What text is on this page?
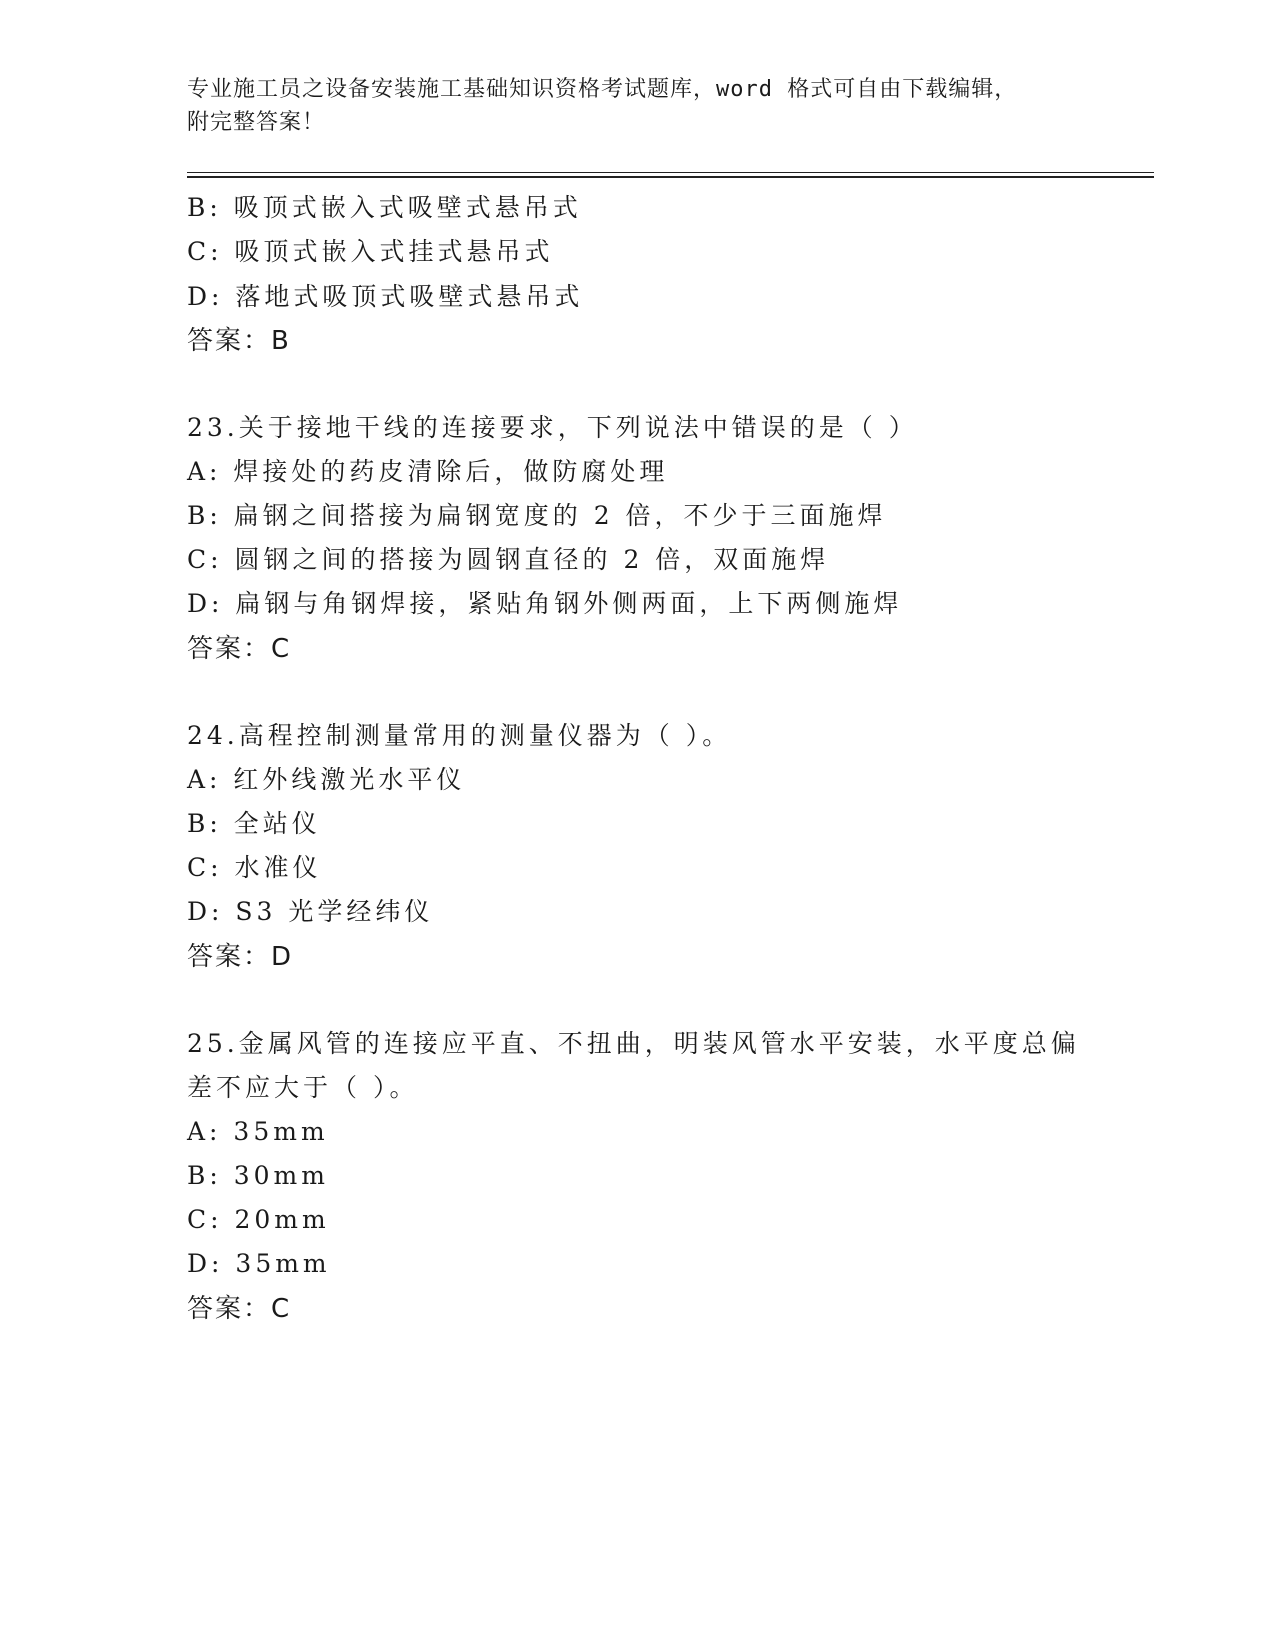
专业施工员之设备安装施工基础知识资格考试题库，word 格式可自由下载编辑，
附完整答案！
B: 吸顶式嵌入式吸壁式悬吊式
C: 吸顶式嵌入式挂式悬吊式
D: 落地式吸顶式吸壁式悬吊式
答案：B
23.关于接地干线的连接要求，下列说法中错误的是（ ）
A: 焊接处的药皮清除后，做防腐处理
B: 扁钢之间搭接为扁钢宽度的 2 倍，不少于三面施焊
C: 圆钢之间的搭接为圆钢直径的 2 倍，双面施焊
D: 扁钢与角钢焊接，紧贴角钢外侧两面，上下两侧施焊
答案：C
24.高程控制测量常用的测量仪器为（ ）。
A: 红外线激光水平仪
B: 全站仪
C: 水准仪
D: S3 光学经纬仪
答案：D
25.金属风管的连接应平直、不扭曲，明装风管水平安装，水平度总偏
差不应大于（ ）。
A: 35mm
B: 30mm
C: 20mm
D: 35mm
答案：C
